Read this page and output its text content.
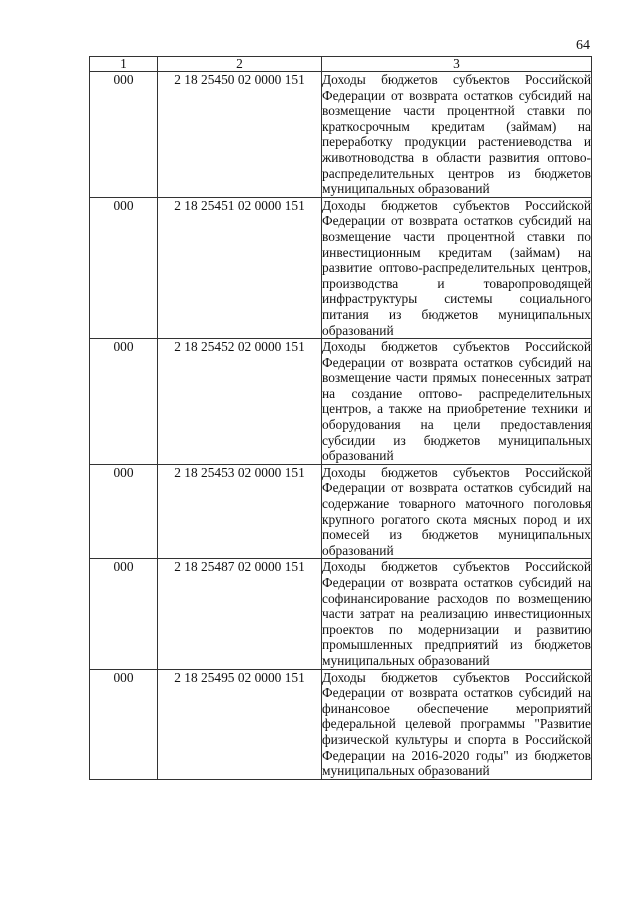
64
1	2	3
000	2 18 25450 02 0000 151	Доходы бюджетов субъектов Российской Федерации от возврата остатков субсидий на возмещение части процентной ставки по краткосрочным кредитам (займам) на переработку продукции растениеводства и животноводства в области развития оптово-распределительных центров из бюджетов муниципальных образований
000	2 18 25451 02 0000 151	Доходы бюджетов субъектов Российской Федерации от возврата остатков субсидий на возмещение части процентной ставки по инвестиционным кредитам (займам) на развитие оптово-распределительных центров, производства и товаропроводящей инфраструктуры системы социального питания из бюджетов муниципальных образований
000	2 18 25452 02 0000 151	Доходы бюджетов субъектов Российской Федерации от возврата остатков субсидий на возмещение части прямых понесенных затрат на создание оптово- распределительных центров, а также на приобретение техники и оборудования на цели предоставления субсидии из бюджетов муниципальных образований
000	2 18 25453 02 0000 151	Доходы бюджетов субъектов Российской Федерации от возврата остатков субсидий на содержание товарного маточного поголовья крупного рогатого скота мясных пород и их помесей из бюджетов муниципальных образований
000	2 18 25487 02 0000 151	Доходы бюджетов субъектов Российской Федерации от возврата остатков субсидий на софинансирование расходов по возмещению части затрат на реализацию инвестиционных проектов по модернизации и развитию промышленных предприятий из бюджетов муниципальных образований
000	2 18 25495 02 0000 151	Доходы бюджетов субъектов Российской Федерации от возврата остатков субсидий на финансовое обеспечение мероприятий федеральной целевой программы "Развитие физической культуры и спорта в Российской Федерации на 2016-2020 годы" из бюджетов муниципальных образований
